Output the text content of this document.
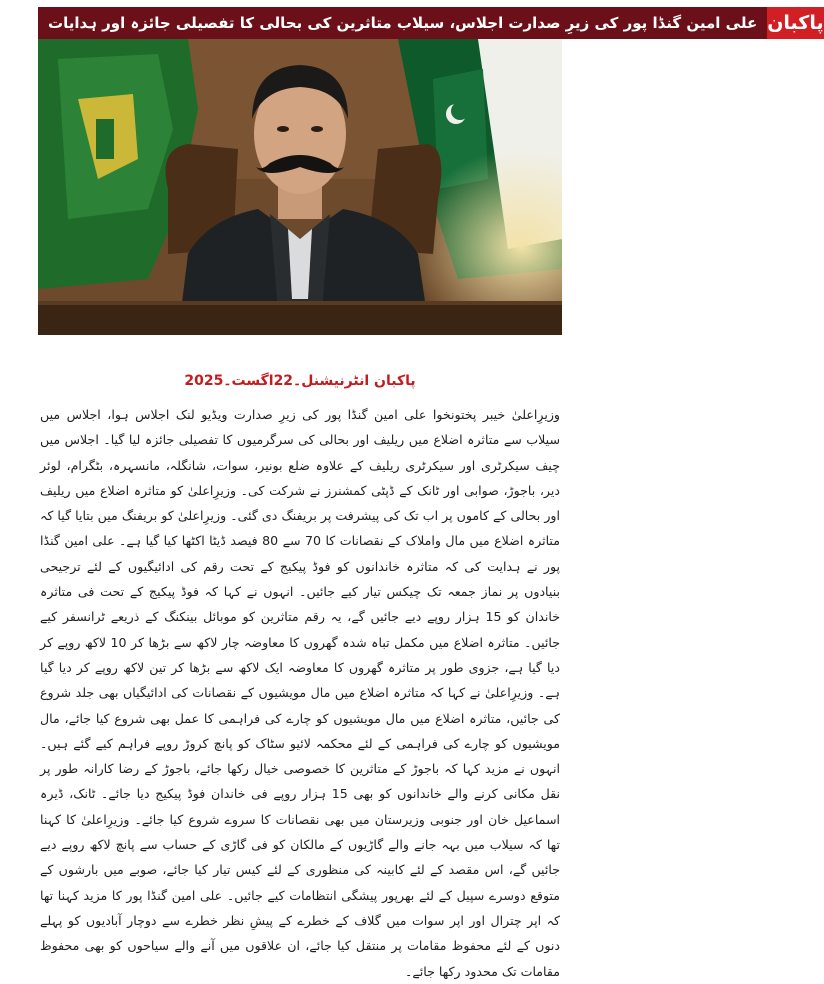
علی امین گنڈا پور کی زیرِ صدارت اجلاس، سیلاب متاثرین کی بحالی کا تفصیلی جائزہ اور ہدایات پاکبان
پاکبان انٹرنیشنل۔22اگست۔2025

وزیرِاعلیٰ خیبر پختونخوا علی امین گنڈا پور کی زیرِ صدارت ویڈیو لنک اجلاس ہوا، اجلاس میں سیلاب سے متاثرہ اضلاع میں ریلیف اور بحالی کی سرگرمیوں کا تفصیلی جائزہ لیا گیا۔ اجلاس میں چیف سیکرٹری اور سیکرٹری ریلیف کے علاوہ ضلع بونیر، سوات، شانگلہ، مانسہرہ، بٹگرام، لوئر دیر، باجوڑ، صوابی اور ٹانک کے ڈپٹی کمشنرز نے شرکت کی۔ وزیرِاعلیٰ کو متاثرہ اضلاع میں ریلیف اور بحالی کے کاموں پر اب تک کی پیشرفت پر بریفنگ دی گئی۔ وزیرِاعلیٰ کو بریفنگ میں بتایا گیا کہ متاثرہ اضلاع میں مال واملاک کے نقصانات کا 70 سے 80 فیصد ڈیٹا اکٹھا کیا گیا ہے۔ علی امین گنڈا پور نے ہدایت کی کہ متاثرہ خاندانوں کو فوڈ پیکیج کے تحت رقم کی ادائیگیوں کے لئے ترجیحی بنیادوں پر نماز جمعہ تک چیکس تیار کیے جائیں۔ انہوں نے کہا کہ فوڈ پیکیج کے تحت فی متاثرہ خاندان کو 15 ہزار روپے دیے جائیں گے، یہ رقم متاثرین کو موبائل بینکنگ کے ذریعے ٹرانسفر کیے جائیں۔ متاثرہ اضلاع میں مکمل تباہ شدہ گھروں کا معاوضہ چار لاکھ سے بڑھا کر 10 لاکھ روپے کر دیا گیا ہے، جزوی طور پر متاثرہ گھروں کا معاوضہ ایک لاکھ سے بڑھا کر تین لاکھ روپے کر دیا گیا ہے۔ وزیرِاعلیٰ نے کہا کہ متاثرہ اضلاع میں مال مویشیوں کے نقصانات کی ادائیگیاں بھی جلد شروع کی جائیں، متاثرہ اضلاع میں مال مویشیوں کو چارے کی فراہمی کا عمل بھی شروع کیا جائے، مال مویشیوں کو چارے کی فراہمی کے لئے محکمہ لائیو سٹاک کو پانچ کروڑ روپے فراہم کیے گئے ہیں۔ انہوں نے مزید کہا کہ باجوڑ کے متاثرین کا خصوصی خیال رکھا جائے، باجوڑ کے رضا کارانہ طور پر نقل مکانی کرنے والے خاندانوں کو بھی 15 ہزار روپے فی خاندان فوڈ پیکیج دیا جائے۔ ٹانک، ڈیرہ اسماعیل خان اور جنوبی وزیرستان میں بھی نقصانات کا سروے شروع کیا جائے۔ وزیرِاعلیٰ کا کہنا تھا کہ سیلاب میں بہہ جانے والے گاڑیوں کے مالکان کو فی گاڑی کے حساب سے پانچ لاکھ روپے دیے جائیں گے، اس مقصد کے لئے کابینہ کی منظوری کے لئے کیس تیار کیا جائے، صوبے میں بارشوں کے متوقع دوسرے سپیل کے لئے بھرپور پیشگی انتظامات کیے جائیں۔ علی امین گنڈا پور کا مزید کہنا تھا کہ اپر چترال اور اپر سوات میں گلاف کے خطرے کے پیشِ نظر خطرے سے دوچار آبادیوں کو پہلے دنوں کے لئے محفوظ مقامات پر منتقل کیا جائے، ان علاقوں میں آنے والے سیاحوں کو بھی محفوظ مقامات تک محدود رکھا جائے۔
